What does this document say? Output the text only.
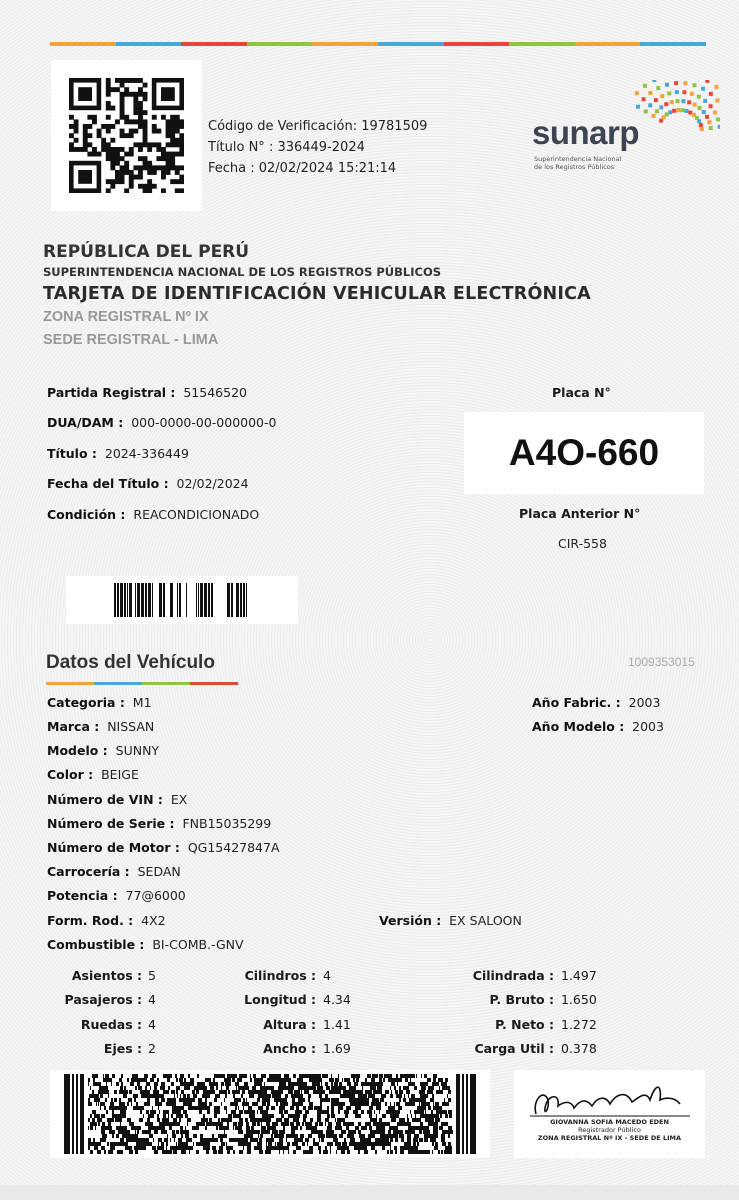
Código de Verificación: 19781509
Título N° : 336449-2024
Fecha : 02/02/2024 15:21:14
sunarp
Superintendencia Nacional
de los Registros Públicos
REPÚBLICA DEL PERÚ
SUPERINTENDENCIA NACIONAL DE LOS REGISTROS PÚBLICOS
TARJETA DE IDENTIFICACIÓN VEHICULAR ELECTRÓNICA
ZONA REGISTRAL Nº IX
SEDE REGISTRAL - LIMA
Partida Registral : 51546520
DUA/DAM : 000-0000-00-000000-0
Título : 2024-336449
Fecha del Título : 02/02/2024
Condición : REACONDICIONADO
Placa N°
A4O-660
Placa Anterior N°
CIR-558
Datos del Vehículo	1009353015
Categoria : M1
Marca : NISSAN
Modelo : SUNNY
Color : BEIGE
Número de VIN : EX
Número de Serie : FNB15035299
Número de Motor : QG15427847A
Carrocería : SEDAN
Potencia : 77@6000
Form. Rod. : 4X2	Versión : EX SALOON
Combustible : BI-COMB.-GNV
Año Fabric. : 2003
Año Modelo : 2003
Asientos : 5
Pasajeros : 4
Ruedas : 4
Ejes : 2
Cilindros : 4
Longitud : 4.34
Altura : 1.41
Ancho : 1.69
Cilindrada : 1.497
P. Bruto : 1.650
P. Neto : 1.272
Carga Util : 0.378
GIOVANNA SOFIA MACEDO EDEN
Registrador Público
ZONA REGISTRAL Nº IX - SEDE DE LIMA
